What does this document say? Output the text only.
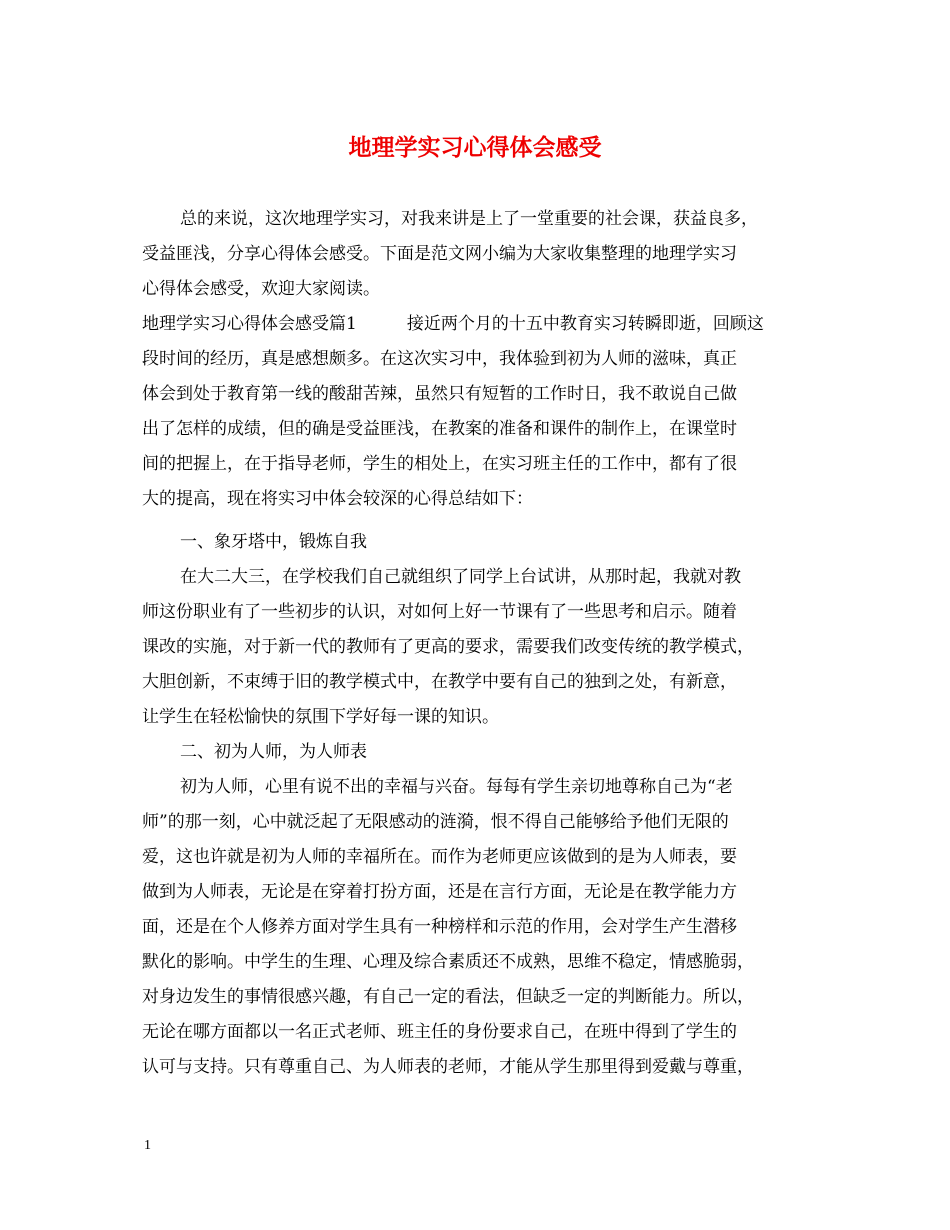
地理学实习心得体会感受
总的来说，这次地理学实习，对我来讲是上了一堂重要的社会课，获益良多，
受益匪浅，分享心得体会感受。下面是范文网小编为大家收集整理的地理学实习
心得体会感受，欢迎大家阅读。
地理学实习心得体会感受篇1	接近两个月的十五中教育实习转瞬即逝，回顾这
段时间的经历，真是感想颇多。在这次实习中，我体验到初为人师的滋味，真正
体会到处于教育第一线的酸甜苦辣，虽然只有短暂的工作时日，我不敢说自己做
出了怎样的成绩，但的确是受益匪浅，在教案的准备和课件的制作上，在课堂时
间的把握上，在于指导老师，学生的相处上，在实习班主任的工作中，都有了很
大的提高，现在将实习中体会较深的心得总结如下：
一、象牙塔中，锻炼自我
在大二大三，在学校我们自己就组织了同学上台试讲，从那时起，我就对教
师这份职业有了一些初步的认识，对如何上好一节课有了一些思考和启示。随着
课改的实施，对于新一代的教师有了更高的要求，需要我们改变传统的教学模式，
大胆创新，不束缚于旧的教学模式中，在教学中要有自己的独到之处，有新意，
让学生在轻松愉快的氛围下学好每一课的知识。
二、初为人师，为人师表
初为人师，心里有说不出的幸福与兴奋。每每有学生亲切地尊称自己为“老
师”的那一刻，心中就泛起了无限感动的涟漪，恨不得自己能够给予他们无限的
爱，这也许就是初为人师的幸福所在。而作为老师更应该做到的是为人师表，要
做到为人师表，无论是在穿着打扮方面，还是在言行方面，无论是在教学能力方
面，还是在个人修养方面对学生具有一种榜样和示范的作用，会对学生产生潜移
默化的影响。中学生的生理、心理及综合素质还不成熟，思维不稳定，情感脆弱，
对身边发生的事情很感兴趣，有自己一定的看法，但缺乏一定的判断能力。所以，
无论在哪方面都以一名正式老师、班主任的身份要求自己，在班中得到了学生的
认可与支持。只有尊重自己、为人师表的老师，才能从学生那里得到爱戴与尊重，
1
